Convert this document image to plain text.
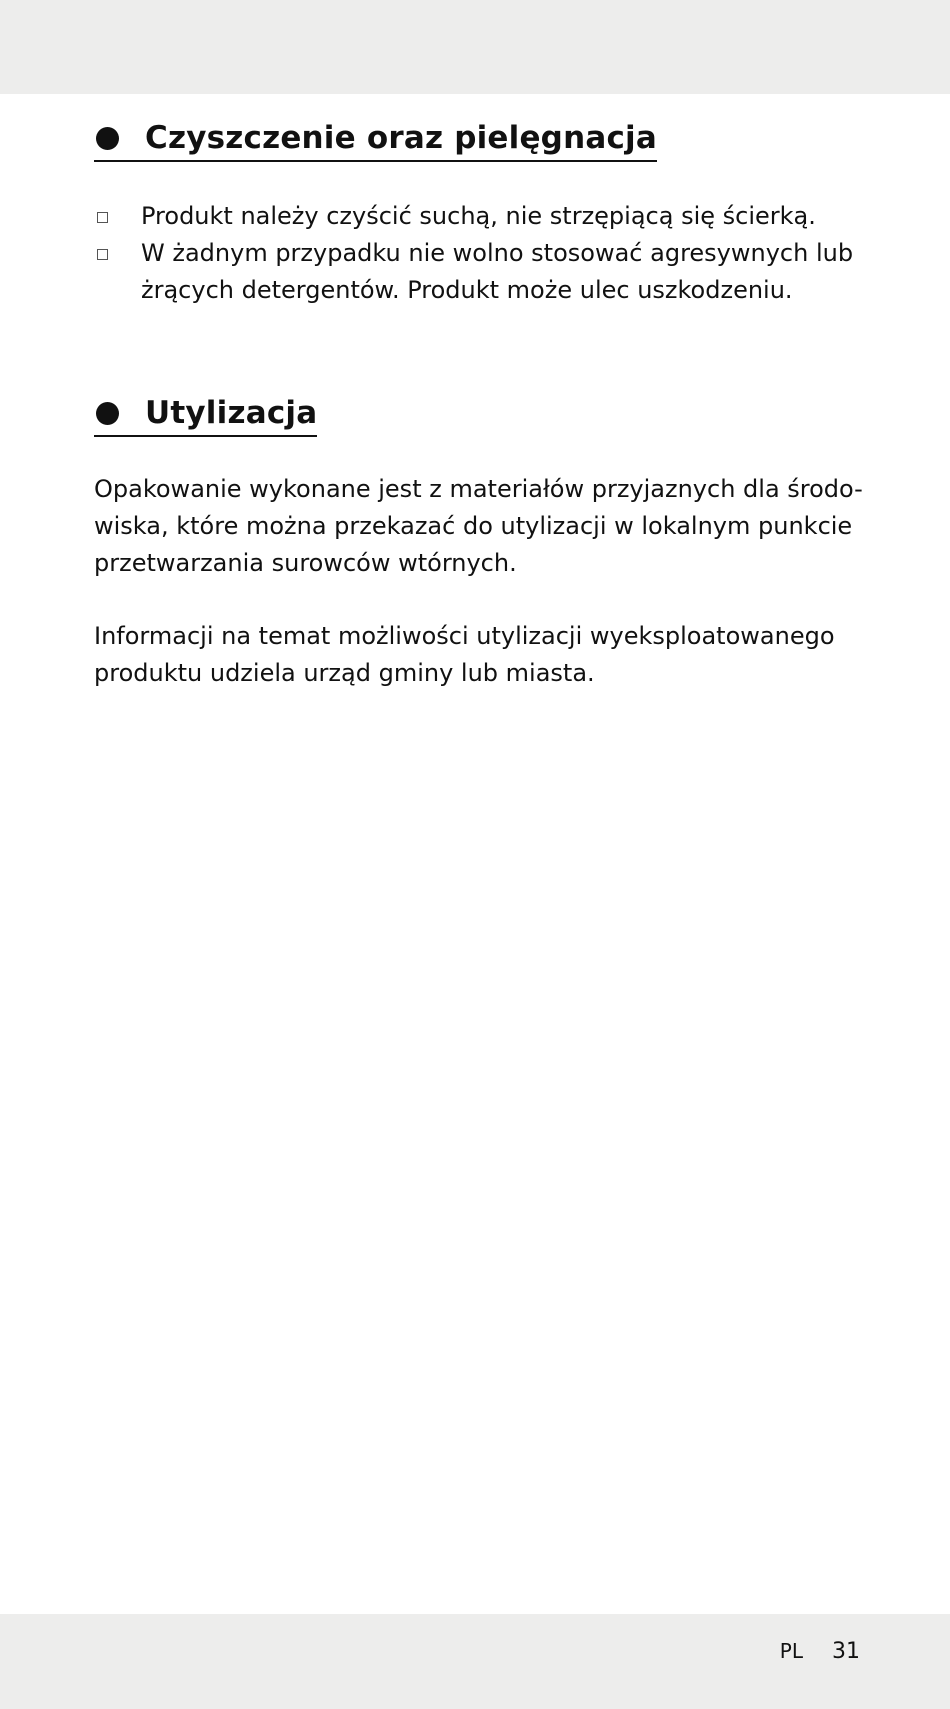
Czyszczenie oraz pielęgnacja
Produkt należy czyścić suchą, nie strzępiącą się ścierką.
W żadnym przypadku nie wolno stosować agresywnych lub żrących detergentów. Produkt może ulec uszkodzeniu.
Utylizacja

Opakowanie wykonane jest z materiałów przyjaznych dla środo-wiska, które można przekazać do utylizacji w lokalnym punkcie przetwarzania surowców wtórnych.

Informacji na temat możliwości utylizacji wyeksploatowanego produktu udziela urząd gminy lub miasta.

PL 31
